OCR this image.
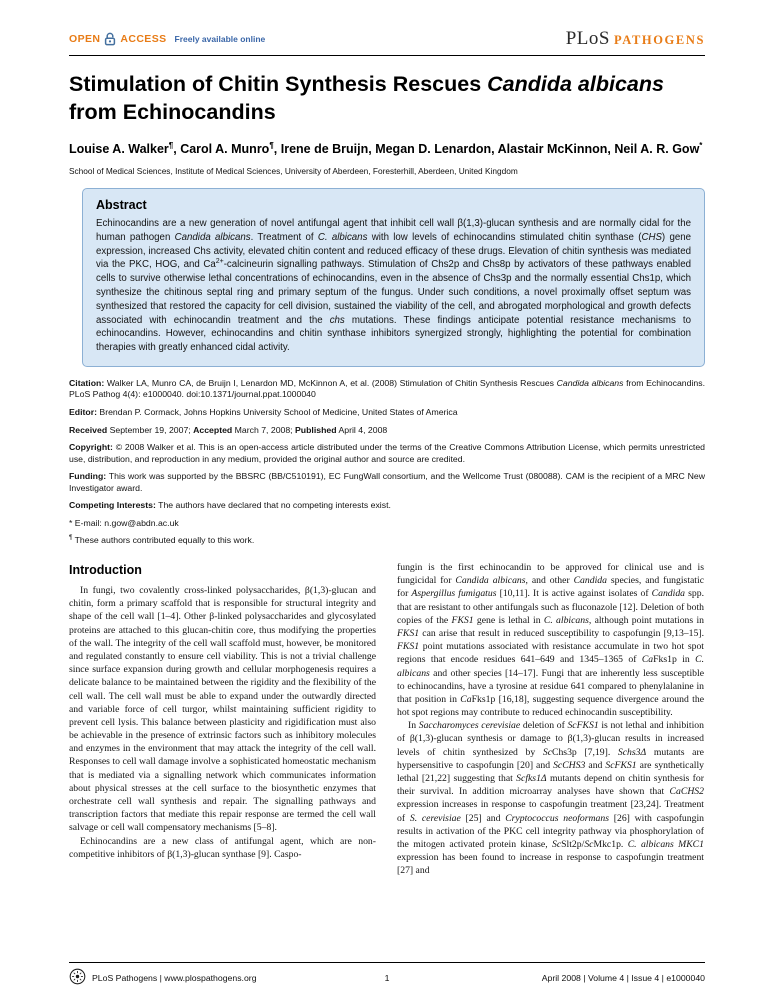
OPEN ACCESS Freely available online	PLoS PATHOGENS
Stimulation of Chitin Synthesis Rescues Candida albicans
from Echinocandins

Louise A. Walker¶, Carol A. Munro¶, Irene de Bruijn, Megan D. Lenardon, Alastair McKinnon, Neil A. R. Gow*

School of Medical Sciences, Institute of Medical Sciences, University of Aberdeen, Foresterhill, Aberdeen, United Kingdom

Abstract

Echinocandins are a new generation of novel antifungal agent that inhibit cell wall β(1,3)-glucan synthesis and are normally cidal for the human pathogen Candida albicans. Treatment of C. albicans with low levels of echinocandins stimulated chitin synthase (CHS) gene expression, increased Chs activity, elevated chitin content and reduced efficacy of these drugs. Elevation of chitin synthesis was mediated via the PKC, HOG, and $Ca^{2+}$-calcineurin signalling pathways. Stimulation of Chs2p and Chs8p by activators of these pathways enabled cells to survive otherwise lethal concentrations of echinocandins, even in the absence of Chs3p and the normally essential Chs1p, which synthesize the chitinous septal ring and primary septum of the fungus. Under such conditions, a novel proximally offset septum was synthesized that restored the capacity for cell division, sustained the viability of the cell, and abrogated morphological and growth defects associated with echinocandin treatment and the chs mutations. These findings anticipate potential resistance mechanisms to echinocandins. However, echinocandins and chitin synthase inhibitors synergized strongly, highlighting the potential for combination therapies with greatly enhanced cidal activity.

Citation: Walker LA, Munro CA, de Bruijn I, Lenardon MD, McKinnon A, et al. (2008) Stimulation of Chitin Synthesis Rescues Candida albicans from Echinocandins. PLoS Pathog 4(4): e1000040. doi:10.1371/journal.ppat.1000040

Editor: Brendan P. Cormack, Johns Hopkins University School of Medicine, United States of America

Received September 19, 2007; Accepted March 7, 2008; Published April 4, 2008

Copyright: © 2008 Walker et al. This is an open-access article distributed under the terms of the Creative Commons Attribution License, which permits unrestricted use, distribution, and reproduction in any medium, provided the original author and source are credited.

Funding: This work was supported by the BBSRC (BB/C510191), EC FungWall consortium, and the Wellcome Trust (080088). CAM is the recipient of a MRC New Investigator award.

Competing Interests: The authors have declared that no competing interests exist.

* E-mail: n.gow@abdn.ac.uk

¶ These authors contributed equally to this work.

Introduction

In fungi, two covalently cross-linked polysaccharides, β(1,3)-glucan and chitin, form a primary scaffold that is responsible for structural integrity and shape of the cell wall [1–4]. Other β-linked polysaccharides and glycosylated proteins are attached to this glucan-chitin core, thus modifying the properties of the wall. The integrity of the cell wall scaffold must, however, be monitored and regulated constantly to ensure cell viability. This is not a trivial challenge since surface expansion during growth and cellular morphogenesis requires a delicate balance to be maintained between the rigidity and the flexibility of the cell wall. The cell wall must be able to expand under the outwardly directed and variable force of cell turgor, whilst maintaining sufficient rigidity to prevent cell lysis. This balance between plasticity and rigidification must also be achievable in the presence of extrinsic factors such as inhibitory molecules and enzymes in the environment that may attack the integrity of the cell wall. Responses to cell wall damage involve a sophisticated homeostatic mechanism that is mediated via a signalling network which communicates information about physical stresses at the cell surface to the biosynthetic enzymes that orchestrate cell wall synthesis and repair. The signalling pathways and transcription factors that mediate this repair response are termed the cell wall salvage or cell wall compensatory mechanisms [5–8].

Echinocandins are a new class of antifungal agent, which are non-competitive inhibitors of β(1,3)-glucan synthase [9]. Caspo-

fungin is the first echinocandin to be approved for clinical use and is fungicidal for Candida albicans, and other Candida species, and fungistatic for Aspergillus fumigatus [10,11]. It is active against isolates of Candida spp. that are resistant to other antifungals such as fluconazole [12]. Deletion of both copies of the FKS1 gene is lethal in C. albicans, although point mutations in FKS1 can arise that result in reduced susceptibility to caspofungin [9,13–15]. FKS1 point mutations associated with resistance accumulate in two hot spot regions that encode residues 641–649 and 1345–1365 of CaFks1p in C. albicans and other species [14–17]. Fungi that are inherently less susceptible to echinocandins, have a tyrosine at residue 641 compared to phenylalanine in that position in CaFks1p [16,18], suggesting sequence divergence around the hot spot regions may contribute to reduced echinocandin susceptibility.

In Saccharomyces cerevisiae deletion of ScFKS1 is not lethal and inhibition of β(1,3)-glucan synthesis or damage to β(1,3)-glucan results in increased levels of chitin synthesized by ScChs3p [7,19]. Schs3Δ mutants are hypersensitive to caspofungin [20] and ScCHS3 and ScFKS1 are synthetically lethal [21,22] suggesting that Scfks1Δ mutants depend on chitin synthesis for their survival. In addition microarray analyses have shown that CaCHS2 expression increases in response to caspofungin treatment [23,24]. Treatment of S. cerevisiae [25] and Cryptococcus neoformans [26] with caspofungin results in activation of the PKC cell integrity pathway via phosphorylation of the mitogen activated protein kinase, ScSlt2p/ScMkc1p. C. albicans MKC1 expression has been found to increase in response to caspofungin treatment [27] and

PLoS Pathogens | www.plospathogens.org	1	April 2008 | Volume 4 | Issue 4 | e1000040
